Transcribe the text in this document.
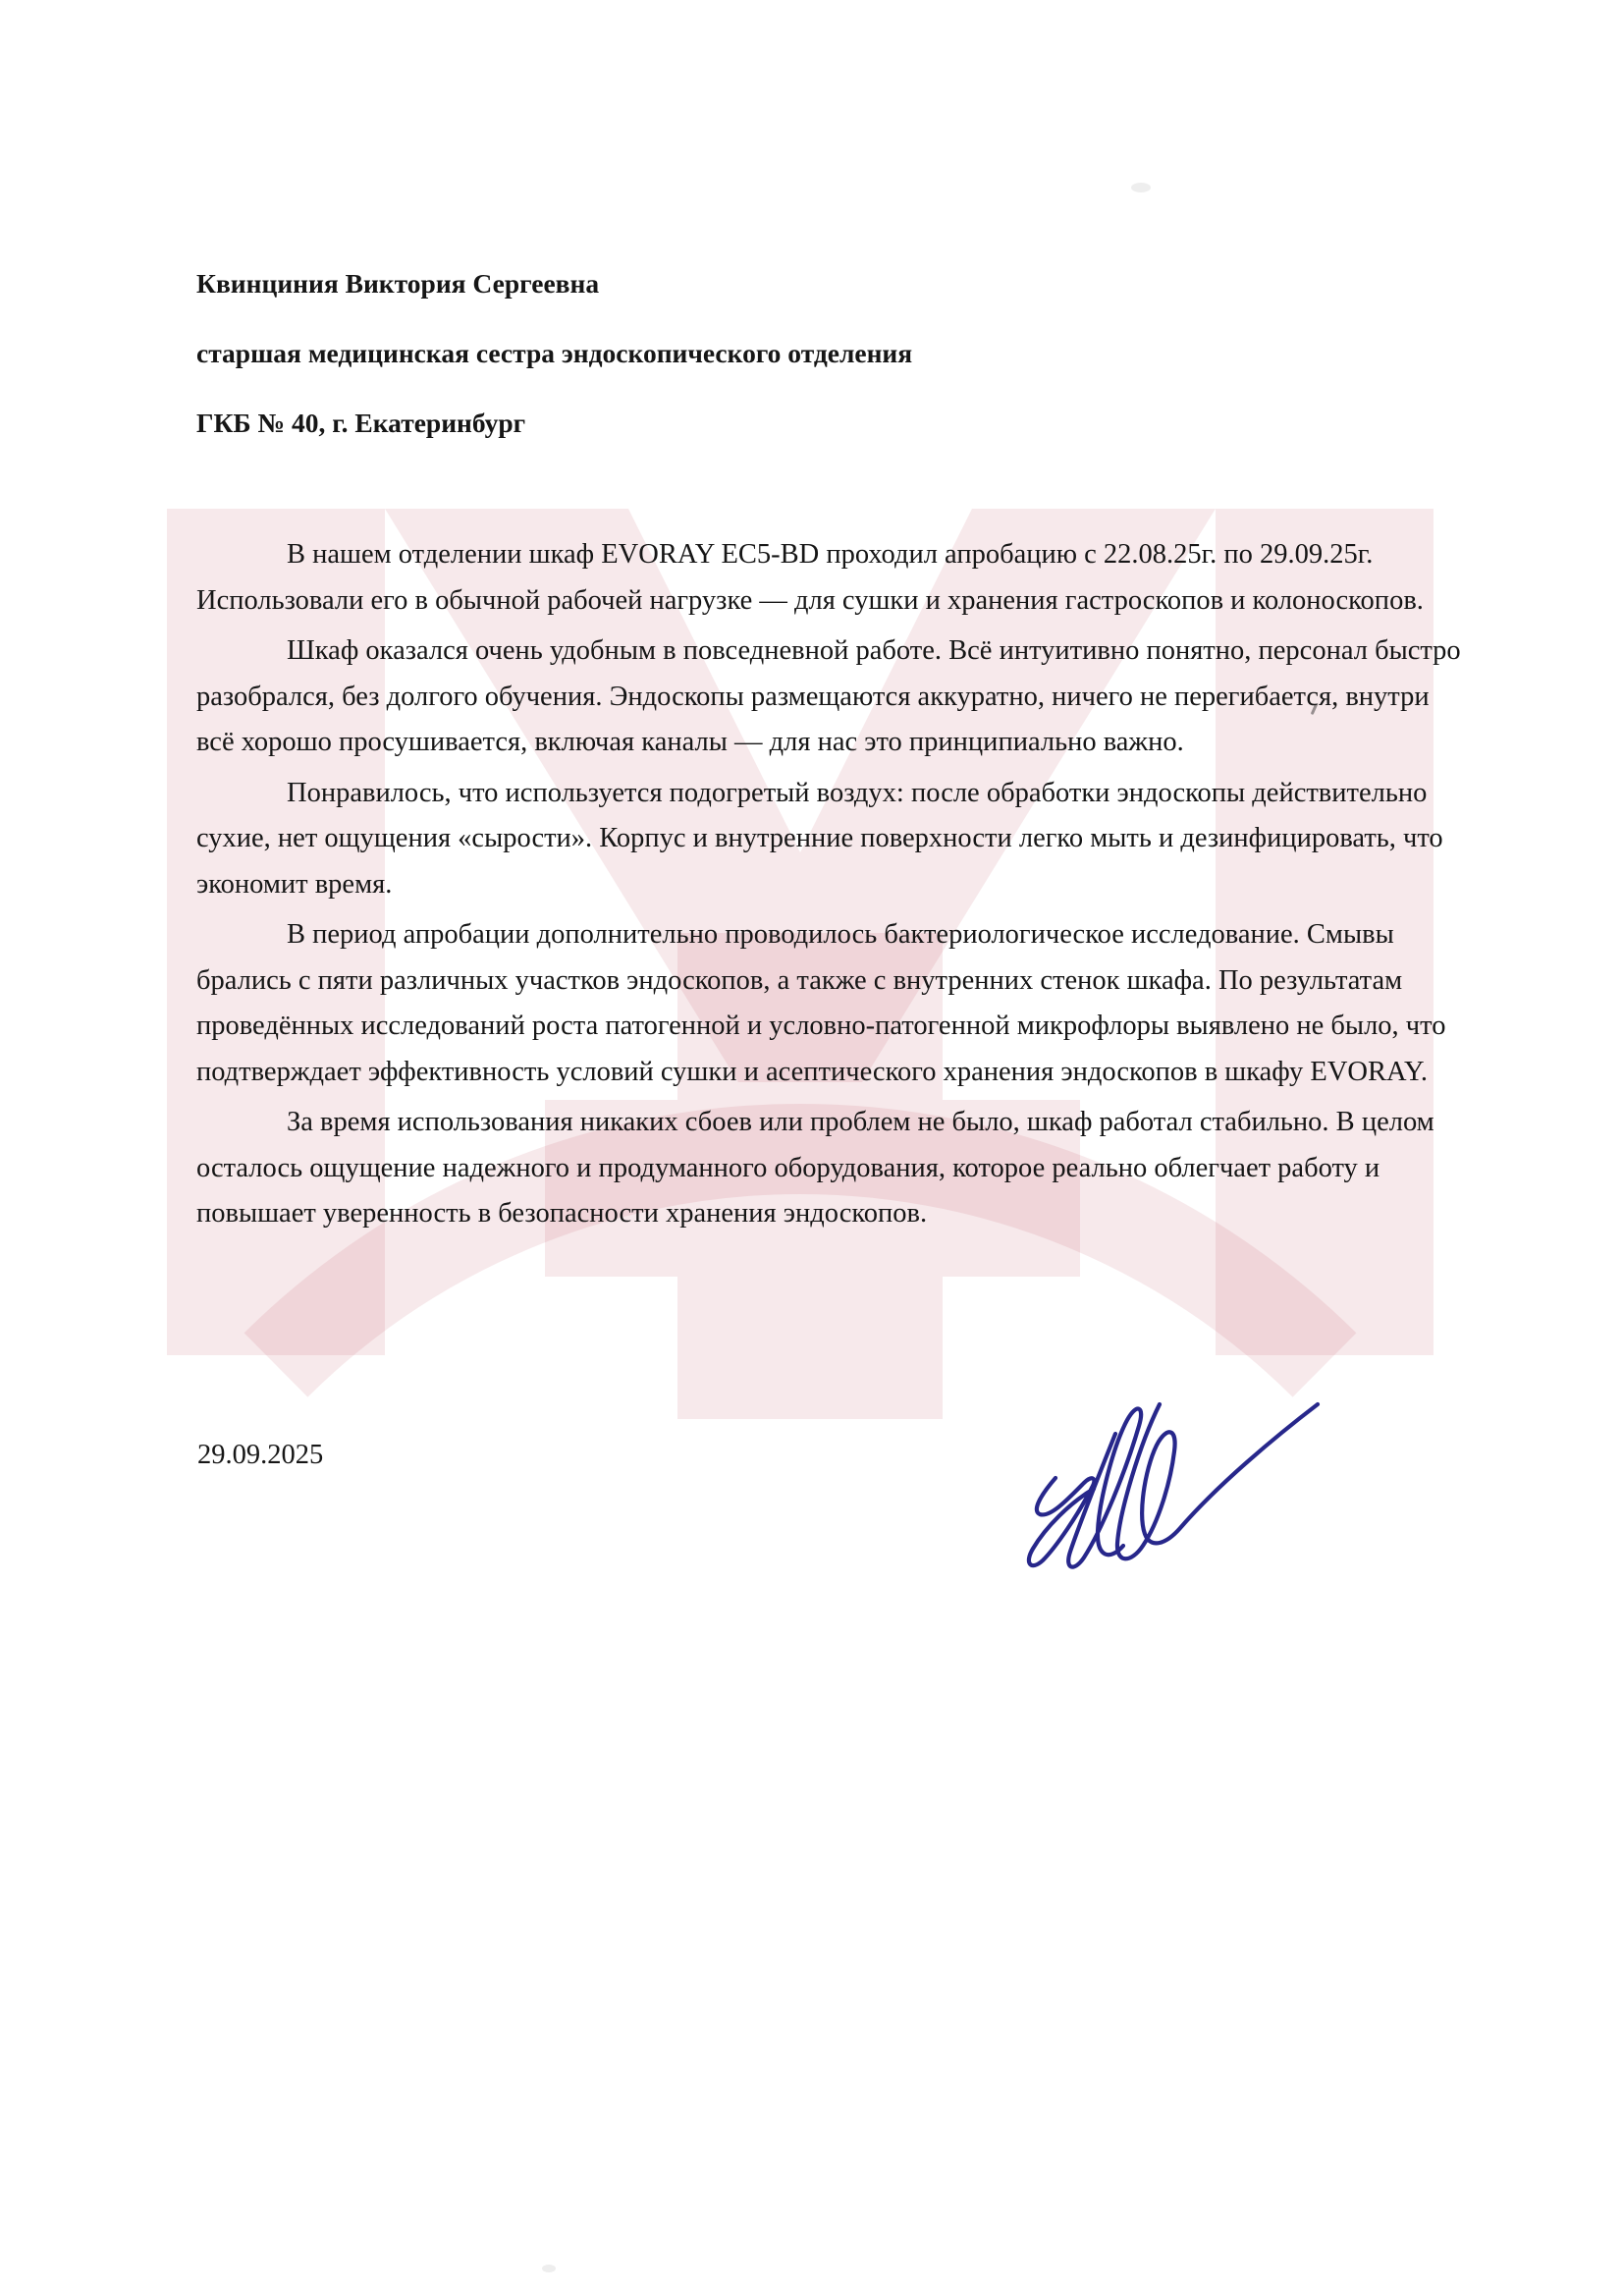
Квинциния Виктория Сергеевна

старшая медицинская сестра эндоскопического отделения

ГКБ № 40, г. Екатеринбург

В нашем отделении шкаф EVORAY EC5-BD проходил апробацию с 22.08.25г. по 29.09.25г. Использовали его в обычной рабочей нагрузке — для сушки и хранения гастроскопов и колоноскопов.

Шкаф оказался очень удобным в повседневной работе. Всё интуитивно понятно, персонал быстро разобрался, без долгого обучения. Эндоскопы размещаются аккуратно, ничего не перегибается, внутри всё хорошо просушивается, включая каналы — для нас это принципиально важно.

Понравилось, что используется подогретый воздух: после обработки эндоскопы действительно сухие, нет ощущения «сырости». Корпус и внутренние поверхности легко мыть и дезинфицировать, что экономит время.

В период апробации дополнительно проводилось бактериологическое исследование. Смывы брались с пяти различных участков эндоскопов, а также с внутренних стенок шкафа. По результатам проведённых исследований роста патогенной и условно-патогенной микрофлоры выявлено не было, что подтверждает эффективность условий сушки и асептического хранения эндоскопов в шкафу EVORAY.

За время использования никаких сбоев или проблем не было, шкаф работал стабильно. В целом осталось ощущение надежного и продуманного оборудования, которое реально облегчает работу и повышает уверенность в безопасности хранения эндоскопов.

29.09.2025
